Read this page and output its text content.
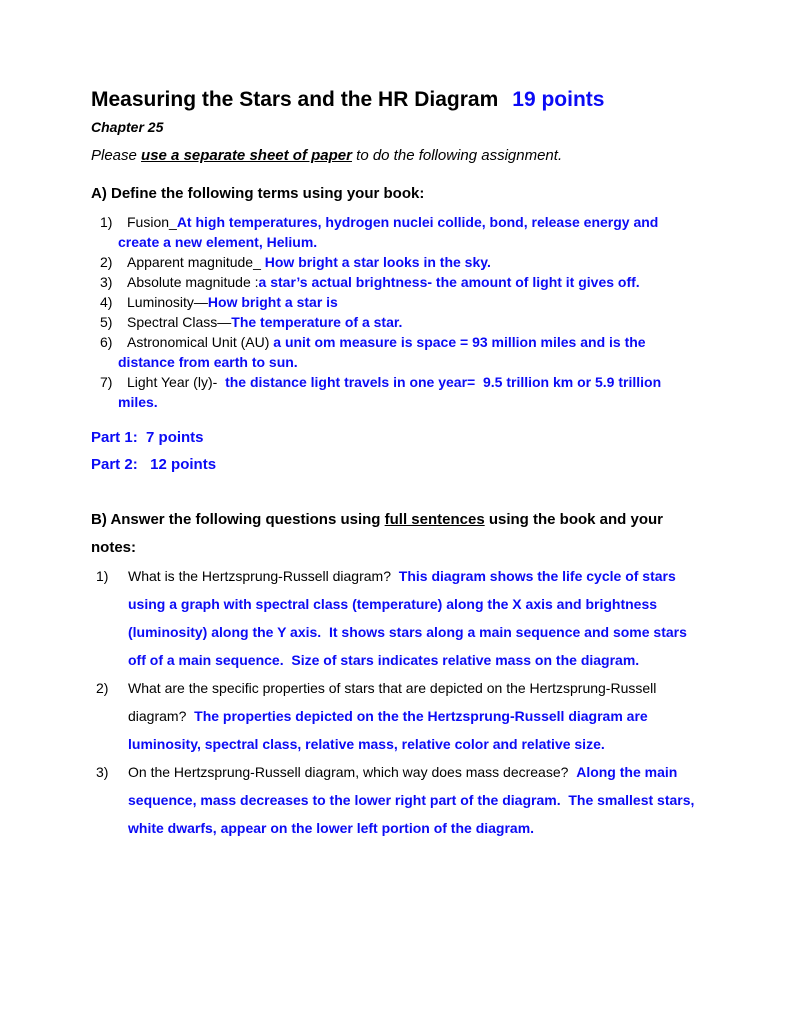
Measuring the Stars and the HR Diagram 19 points
Chapter 25

Please use a separate sheet of paper to do the following assignment.

A) Define the following terms using your book:
1) Fusion_At high temperatures, hydrogen nuclei collide, bond, release energy and create a new element, Helium.
2) Apparent magnitude_ How bright a star looks in the sky.
3) Absolute magnitude :a star’s actual brightness- the amount of light it gives off.
4) Luminosity—How bright a star is
5) Spectral Class—The temperature of a star.
6) Astronomical Unit (AU) a unit om measure is space = 93 million miles and is the distance from earth to sun.
7) Light Year (ly)-  the distance light travels in one year=  9.5 trillion km or 5.9 trillion miles.

Part 1:  7 points

Part 2:   12 points

B) Answer the following questions using full sentences using the book and your notes:
1) What is the Hertzsprung-Russell diagram?  This diagram shows the life cycle of stars using a graph with spectral class (temperature) along the X axis and brightness (luminosity) along the Y axis.  It shows stars along a main sequence and some stars off of a main sequence.  Size of stars indicates relative mass on the diagram.
2) What are the specific properties of stars that are depicted on the Hertzsprung-Russell diagram?  The properties depicted on the the Hertzsprung-Russell diagram are luminosity, spectral class, relative mass, relative color and relative size.
3) On the Hertzsprung-Russell diagram, which way does mass decrease?  Along the main sequence, mass decreases to the lower right part of the diagram.  The smallest stars, white dwarfs, appear on the lower left portion of the diagram.
